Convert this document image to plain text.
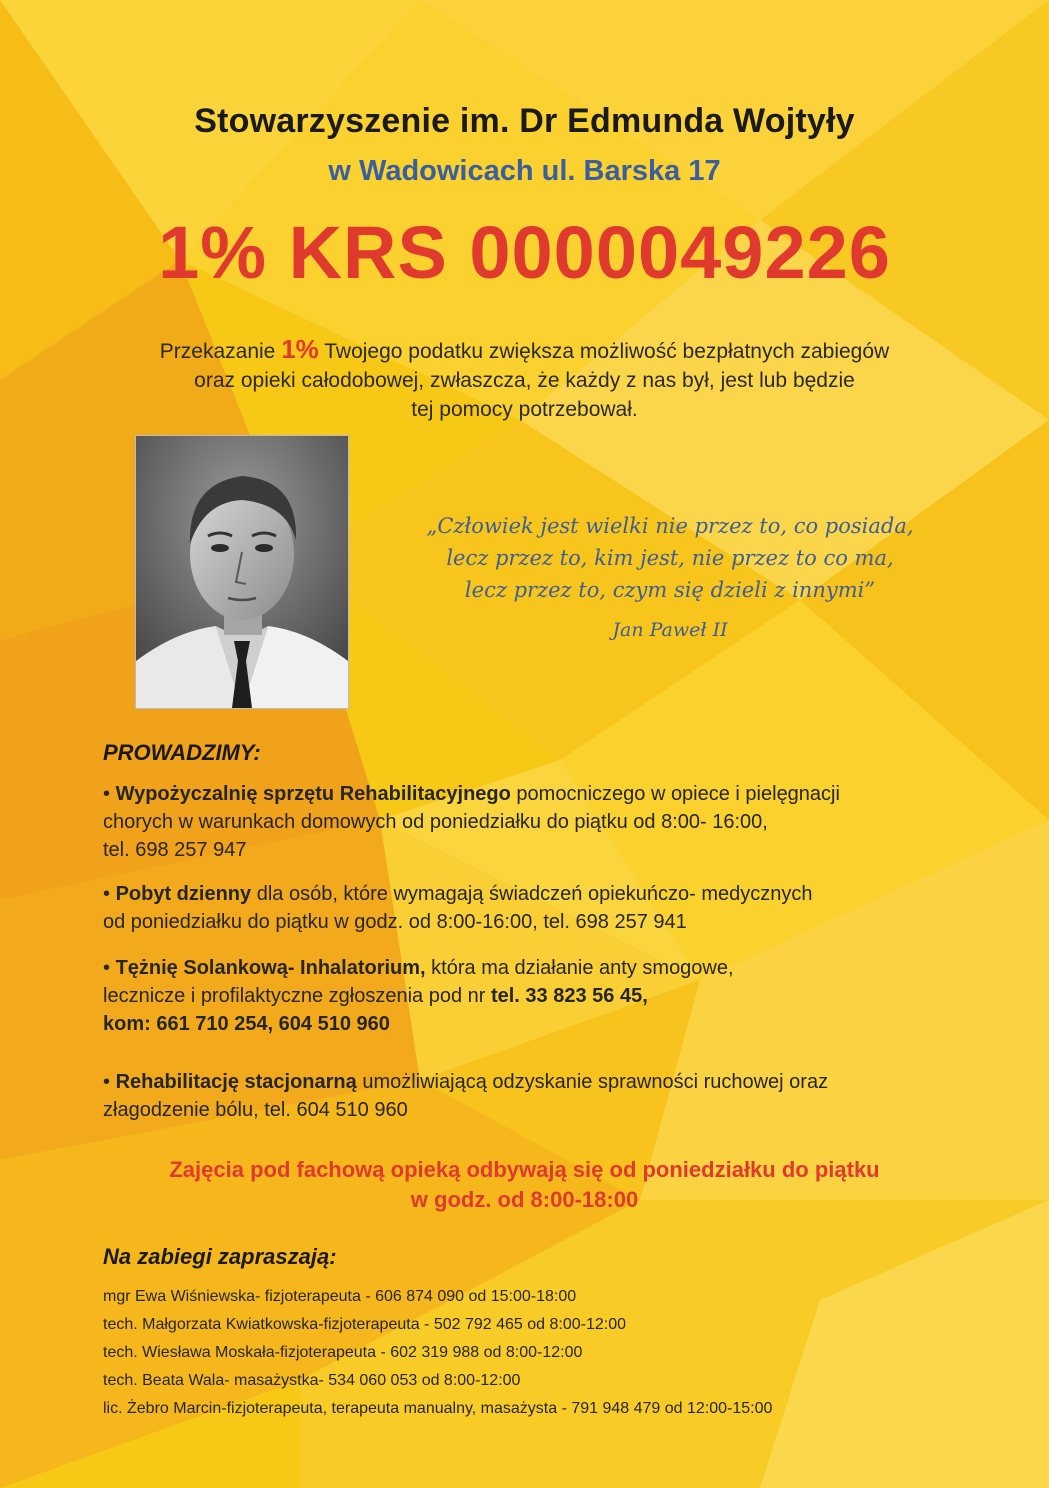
Stowarzyszenie im. Dr Edmunda Wojtyły
w Wadowicach ul. Barska 17
1% KRS 0000049226
Przekazanie 1% Twojego podatku zwiększa możliwość bezpłatnych zabiegów
oraz opieki całodobowej, zwłaszcza, że każdy z nas był, jest lub będzie
tej pomocy potrzebował.
„Człowiek jest wielki nie przez to, co posiada,
lecz przez to, kim jest, nie przez to co ma,
lecz przez to, czym się dzieli z innymi”
Jan Paweł II
PROWADZIMY:
• Wypożyczalnię sprzętu Rehabilitacyjnego pomocniczego w opiece i pielęgnacji
chorych w warunkach domowych od poniedziałku do piątku od 8:00- 16:00,
tel. 698 257 947
• Pobyt dzienny dla osób, które wymagają świadczeń opiekuńczo- medycznych
od poniedziałku do piątku w godz. od 8:00-16:00, tel. 698 257 941
• Tężnię Solankową- Inhalatorium, która ma działanie anty smogowe,
lecznicze i profilaktyczne zgłoszenia pod nr tel. 33 823 56 45,
kom: 661 710 254, 604 510 960
• Rehabilitację stacjonarną umożliwiającą odzyskanie sprawności ruchowej oraz
złagodzenie bólu, tel. 604 510 960
Zajęcia pod fachową opieką odbywają się od poniedziałku do piątku
w godz. od 8:00-18:00
Na zabiegi zapraszają:
mgr Ewa Wiśniewska- fizjoterapeuta - 606 874 090 od 15:00-18:00
tech. Małgorzata Kwiatkowska-fizjoterapeuta - 502 792 465 od 8:00-12:00
tech. Wiesława Moskała-fizjoterapeuta - 602 319 988 od 8:00-12:00
tech. Beata Wala- masażystka- 534 060 053 od 8:00-12:00
lic. Żebro Marcin-fizjoterapeuta, terapeuta manualny, masażysta - 791 948 479 od 12:00-15:00
